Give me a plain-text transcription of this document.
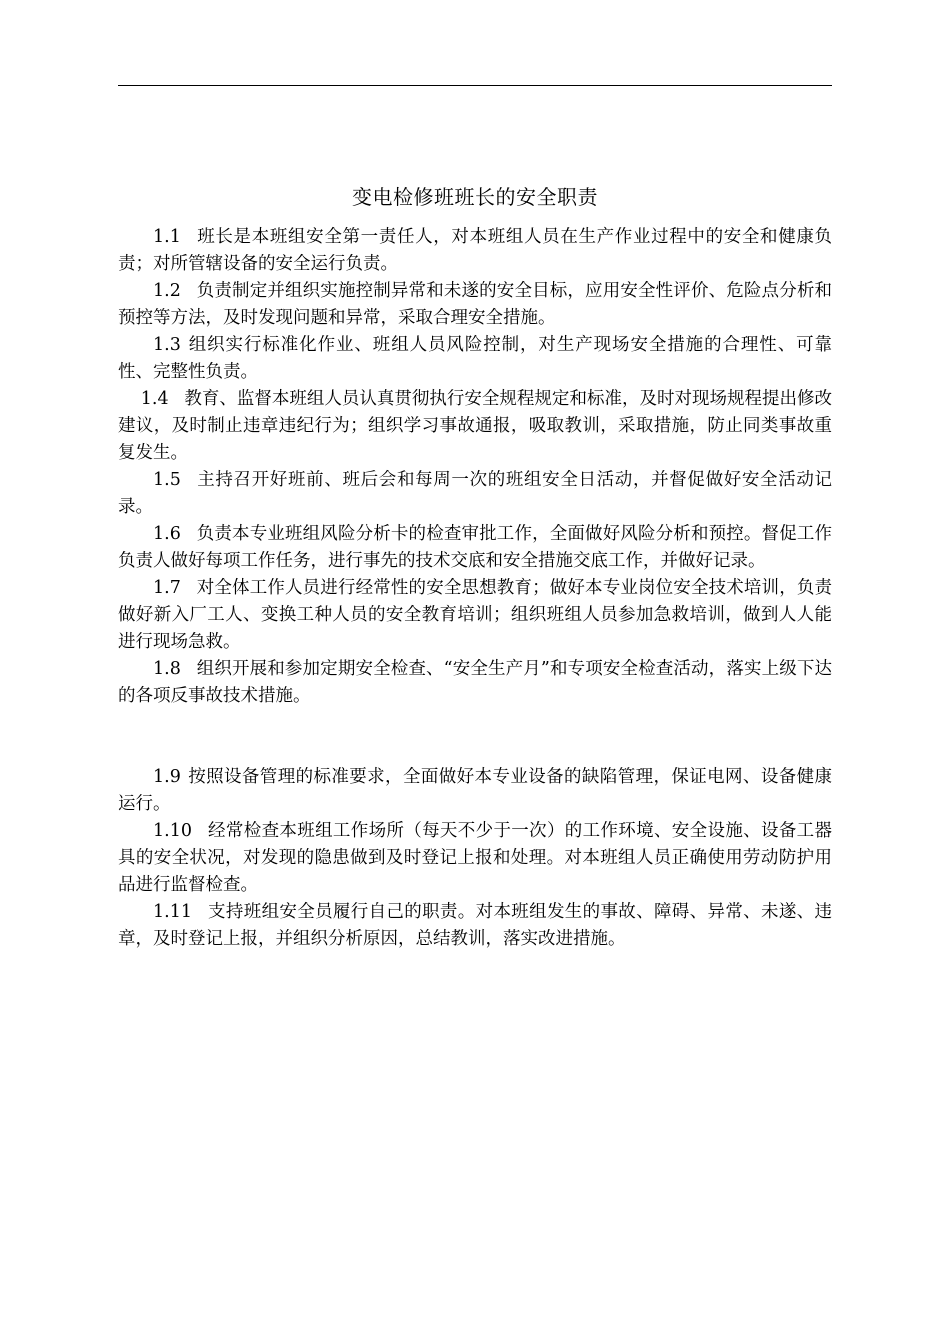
变电检修班班长的安全职责

1.1 班长是本班组安全第一责任人，对本班组人员在生产作业过程中的安全和健康负责；对所管辖设备的安全运行负责。

1.2 负责制定并组织实施控制异常和未遂的安全目标，应用安全性评价、危险点分析和预控等方法，及时发现问题和异常，采取合理安全措施。

1.3 组织实行标准化作业、班组人员风险控制，对生产现场安全措施的合理性、可靠性、完整性负责。

1.4 教育、监督本班组人员认真贯彻执行安全规程规定和标准，及时对现场规程提出修改建议，及时制止违章违纪行为；组织学习事故通报，吸取教训，采取措施，防止同类事故重复发生。

1.5 主持召开好班前、班后会和每周一次的班组安全日活动，并督促做好安全活动记录。

1.6 负责本专业班组风险分析卡的检查审批工作，全面做好风险分析和预控。督促工作负责人做好每项工作任务，进行事先的技术交底和安全措施交底工作，并做好记录。

1.7 对全体工作人员进行经常性的安全思想教育；做好本专业岗位安全技术培训，负责做好新入厂工人、变换工种人员的安全教育培训；组织班组人员参加急救培训，做到人人能进行现场急救。

1.8 组织开展和参加定期安全检查、“安全生产月”和专项安全检查活动，落实上级下达的各项反事故技术措施。

1.9 按照设备管理的标准要求，全面做好本专业设备的缺陷管理，保证电网、设备健康运行。

1.10 经常检查本班组工作场所（每天不少于一次）的工作环境、安全设施、设备工器具的安全状况，对发现的隐患做到及时登记上报和处理。对本班组人员正确使用劳动防护用品进行监督检查。

1.11 支持班组安全员履行自己的职责。对本班组发生的事故、障碍、异常、未遂、违章，及时登记上报，并组织分析原因，总结教训，落实改进措施。
